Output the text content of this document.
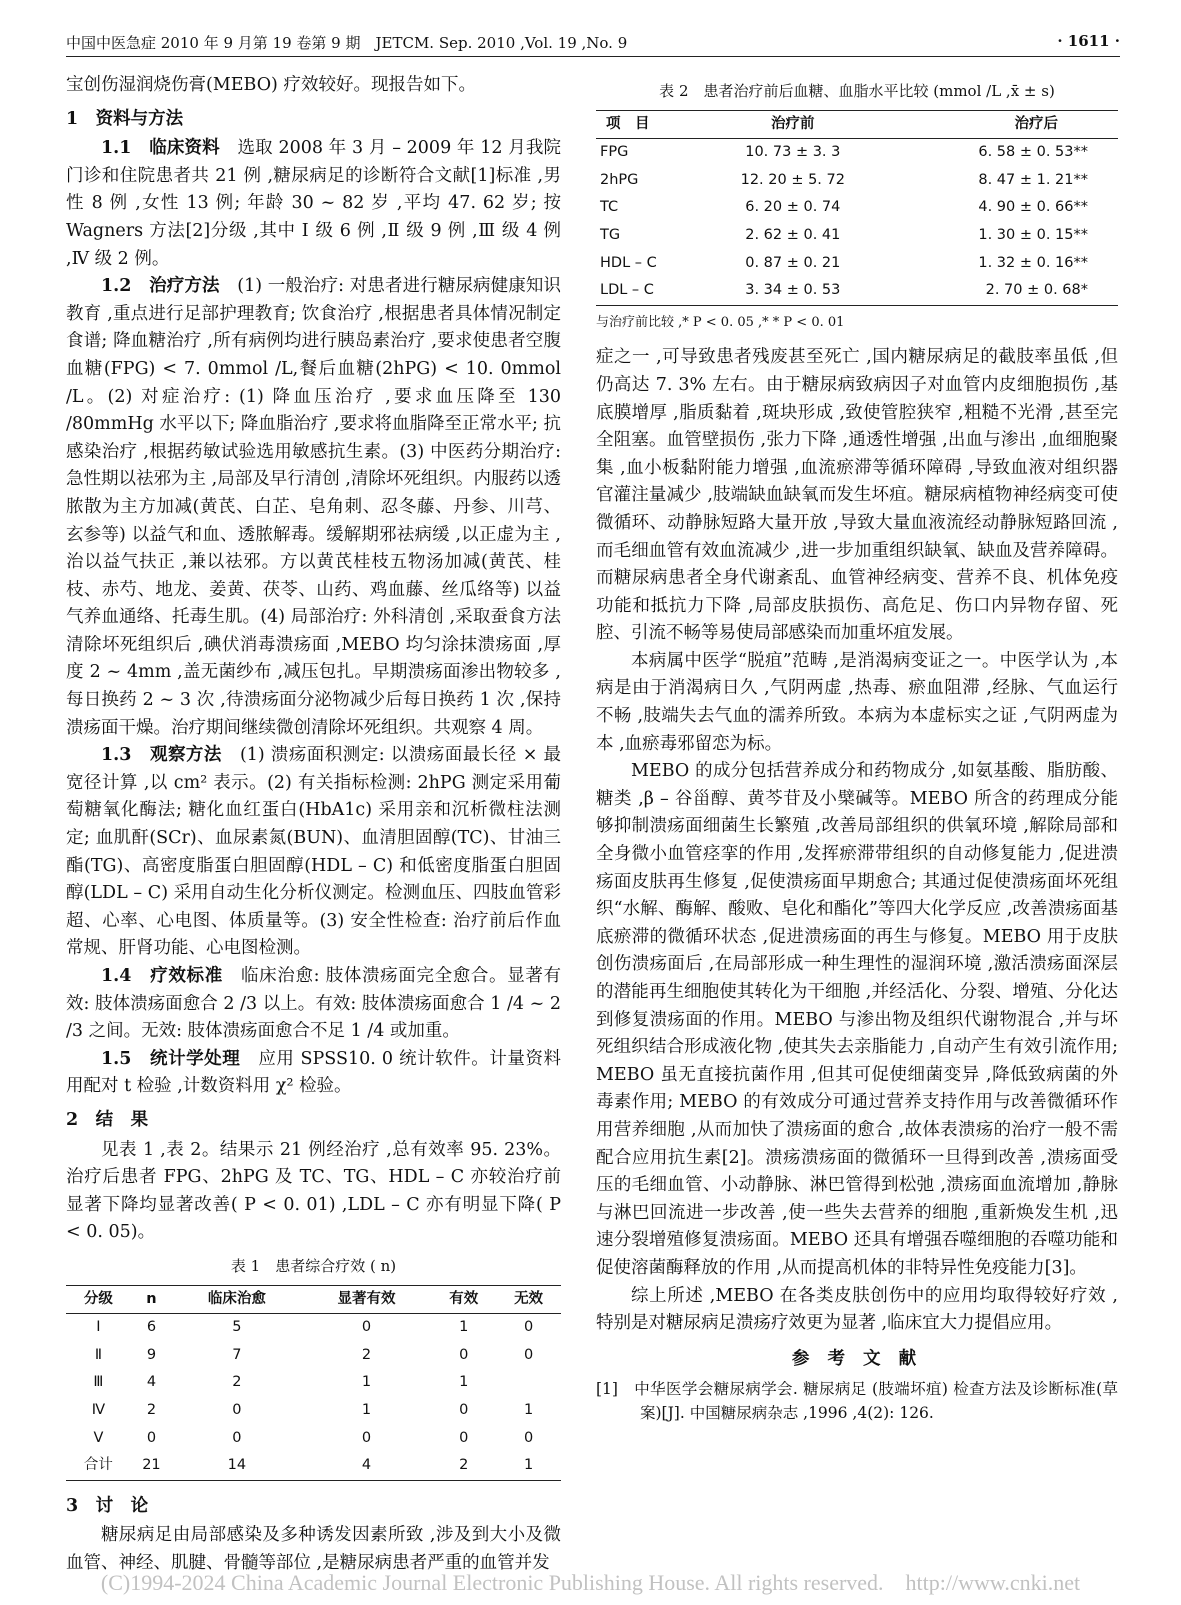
中国中医急症 2010 年 9 月第 19 卷第 9 期　JETCM. Sep. 2010 ,Vol. 19 ,No. 9	· 1611 ·

宝创伤湿润烧伤膏(MEBO) 疗效较好。现报告如下。

1　资料与方法

1.1　临床资料　 选取 2008 年 3 月 – 2009 年 12 月我院门诊和住院患者共 21 例 ,糖尿病足的诊断符合文献[1]标准 ,男性 8 例 ,女性 13 例; 年龄 30 ~ 82 岁 ,平均 47. 62 岁; 按 Wagners 方法[2]分级 ,其中 Ⅰ 级 6 例 ,Ⅱ 级 9 例 ,Ⅲ 级 4 例 ,Ⅳ 级 2 例。

1.2　治疗方法　 (1) 一般治疗: 对患者进行糖尿病健康知识教育 ,重点进行足部护理教育; 饮食治疗 ,根据患者具体情况制定食谱; 降血糖治疗 ,所有病例均进行胰岛素治疗 ,要求使患者空腹血糖(FPG) < 7. 0mmol /L,餐后血糖(2hPG) < 10. 0mmol /L。(2) 对症治疗: (1) 降血压治疗 ,要求血压降至 130 /80mmHg 水平以下; 降血脂治疗 ,要求将血脂降至正常水平; 抗感染治疗 ,根据药敏试验选用敏感抗生素。(3) 中医药分期治疗: 急性期以祛邪为主 ,局部及早行清创 ,清除坏死组织。内服药以透脓散为主方加减(黄芪、白芷、皂角刺、忍冬藤、丹参、川芎、玄参等) 以益气和血、透脓解毒。缓解期邪祛病缓 ,以正虚为主 ,治以益气扶正 ,兼以祛邪。方以黄芪桂枝五物汤加减(黄芪、桂枝、赤芍、地龙、姜黄、茯苓、山药、鸡血藤、丝瓜络等) 以益气养血通络、托毒生肌。(4) 局部治疗: 外科清创 ,采取蚕食方法清除坏死组织后 ,碘伏消毒溃疡面 ,MEBO 均匀涂抹溃疡面 ,厚度 2 ~ 4mm ,盖无菌纱布 ,减压包扎。早期溃疡面渗出物较多 ,每日换药 2 ~ 3 次 ,待溃疡面分泌物减少后每日换药 1 次 ,保持溃疡面干燥。治疗期间继续微创清除坏死组织。共观察 4 周。

1.3　观察方法　 (1) 溃疡面积测定: 以溃疡面最长径 × 最宽径计算 ,以 cm² 表示。(2) 有关指标检测: 2hPG 测定采用葡萄糖氧化酶法; 糖化血红蛋白(HbA1c) 采用亲和沉析微柱法测定; 血肌酐(SCr)、血尿素氮(BUN)、血清胆固醇(TC)、甘油三酯(TG)、高密度脂蛋白胆固醇(HDL – C) 和低密度脂蛋白胆固醇(LDL – C) 采用自动生化分析仪测定。检测血压、四肢血管彩超、心率、心电图、体质量等。(3) 安全性检查: 治疗前后作血常规、肝肾功能、心电图检测。

1.4　疗效标准　 临床治愈: 肢体溃疡面完全愈合。显著有效: 肢体溃疡面愈合 2 /3 以上。有效: 肢体溃疡面愈合 1 /4 ~ 2 /3 之间。无效: 肢体溃疡面愈合不足 1 /4 或加重。

1.5　统计学处理　 应用 SPSS10. 0 统计软件。计量资料用配对 t 检验 ,计数资料用 χ² 检验。

2　结　果

见表 1 ,表 2。结果示 21 例经治疗 ,总有效率 95. 23%。治疗后患者 FPG、2hPG 及 TC、TG、HDL – C 亦较治疗前显著下降均显著改善( P < 0. 01) ,LDL – C 亦有明显下降( P < 0. 05)。

表 1　患者综合疗效 ( n)
分级	n	临床治愈	显著有效	有效	无效
Ⅰ	6	5	0	1	0
Ⅱ	9	7	2	0	0
Ⅲ	4	2	1	1	
Ⅳ	2	0	1	0	1
Ⅴ	0	0	0	0	0
合计	21	14	4	2	1

3　讨　论

糖尿病足由局部感染及多种诱发因素所致 ,涉及到大小及微血管、神经、肌腱、骨髓等部位 ,是糖尿病患者严重的血管并发

表 2　患者治疗前后血糖、血脂水平比较 (mmol /L ,x̄ ± s)
项　目	治疗前	治疗后
FPG	10. 73 ± 3. 3	6. 58 ± 0. 53**
2hPG	12. 20 ± 5. 72	8. 47 ± 1. 21**
TC	6. 20 ± 0. 74	4. 90 ± 0. 66**
TG	2. 62 ± 0. 41	1. 30 ± 0. 15**
HDL – C	0. 87 ± 0. 21	1. 32 ± 0. 16**
LDL – C	3. 34 ± 0. 53	2. 70 ± 0. 68*
与治疗前比较 ,* P < 0. 05 ,* * P < 0. 01

症之一 ,可导致患者残废甚至死亡 ,国内糖尿病足的截肢率虽低 ,但仍高达 7. 3% 左右。由于糖尿病致病因子对血管内皮细胞损伤 ,基底膜增厚 ,脂质黏着 ,斑块形成 ,致使管腔狭窄 ,粗糙不光滑 ,甚至完全阻塞。血管壁损伤 ,张力下降 ,通透性增强 ,出血与渗出 ,血细胞聚集 ,血小板黏附能力增强 ,血流瘀滞等循环障碍 ,导致血液对组织器官灌注量减少 ,肢端缺血缺氧而发生坏疽。糖尿病植物神经病变可使微循环、动静脉短路大量开放 ,导致大量血液流经动静脉短路回流 ,而毛细血管有效血流减少 ,进一步加重组织缺氧、缺血及营养障碍。而糖尿病患者全身代谢紊乱、血管神经病变、营养不良、机体免疫功能和抵抗力下降 ,局部皮肤损伤、高危足、伤口内异物存留、死腔、引流不畅等易使局部感染而加重坏疽发展。

本病属中医学“脱疽”范畴 ,是消渴病变证之一。中医学认为 ,本病是由于消渴病日久 ,气阴两虚 ,热毒、瘀血阻滞 ,经脉、气血运行不畅 ,肢端失去气血的濡养所致。本病为本虚标实之证 ,气阴两虚为本 ,血瘀毒邪留恋为标。

MEBO 的成分包括营养成分和药物成分 ,如氨基酸、脂肪酸、糖类 ,β – 谷甾醇、黄芩苷及小檗碱等。MEBO 所含的药理成分能够抑制溃疡面细菌生长繁殖 ,改善局部组织的供氧环境 ,解除局部和全身微小血管痉挛的作用 ,发挥瘀滞带组织的自动修复能力 ,促进溃疡面皮肤再生修复 ,促使溃疡面早期愈合; 其通过促使溃疡面坏死组织“水解、酶解、酸败、皂化和酯化”等四大化学反应 ,改善溃疡面基底瘀滞的微循环状态 ,促进溃疡面的再生与修复。MEBO 用于皮肤创伤溃疡面后 ,在局部形成一种生理性的湿润环境 ,激活溃疡面深层的潜能再生细胞使其转化为干细胞 ,并经活化、分裂、增殖、分化达到修复溃疡面的作用。MEBO 与渗出物及组织代谢物混合 ,并与坏死组织结合形成液化物 ,使其失去亲脂能力 ,自动产生有效引流作用; MEBO 虽无直接抗菌作用 ,但其可促使细菌变异 ,降低致病菌的外毒素作用; MEBO 的有效成分可通过营养支持作用与改善微循环作用营养细胞 ,从而加快了溃疡面的愈合 ,故体表溃疡的治疗一般不需配合应用抗生素[2]。溃疡溃疡面的微循环一旦得到改善 ,溃疡面受压的毛细血管、小动静脉、淋巴管得到松弛 ,溃疡面血流增加 ,静脉与淋巴回流进一步改善 ,使一些失去营养的细胞 ,重新焕发生机 ,迅速分裂增殖修复溃疡面。MEBO 还具有增强吞噬细胞的吞噬功能和促使溶菌酶释放的作用 ,从而提高机体的非特异性免疫能力[3]。

综上所述 ,MEBO 在各类皮肤创伤中的应用均取得较好疗效 ,特别是对糖尿病足溃疡疗效更为显著 ,临床宜大力提倡应用。

参 考 文 献

[1]　中华医学会糖尿病学会. 糖尿病足 (肢端坏疽) 检查方法及诊断标准(草案)[J]. 中国糖尿病杂志 ,1996 ,4(2): 126.

(C)1994-2024 China Academic Journal Electronic Publishing House. All rights reserved.　http://www.cnki.net
